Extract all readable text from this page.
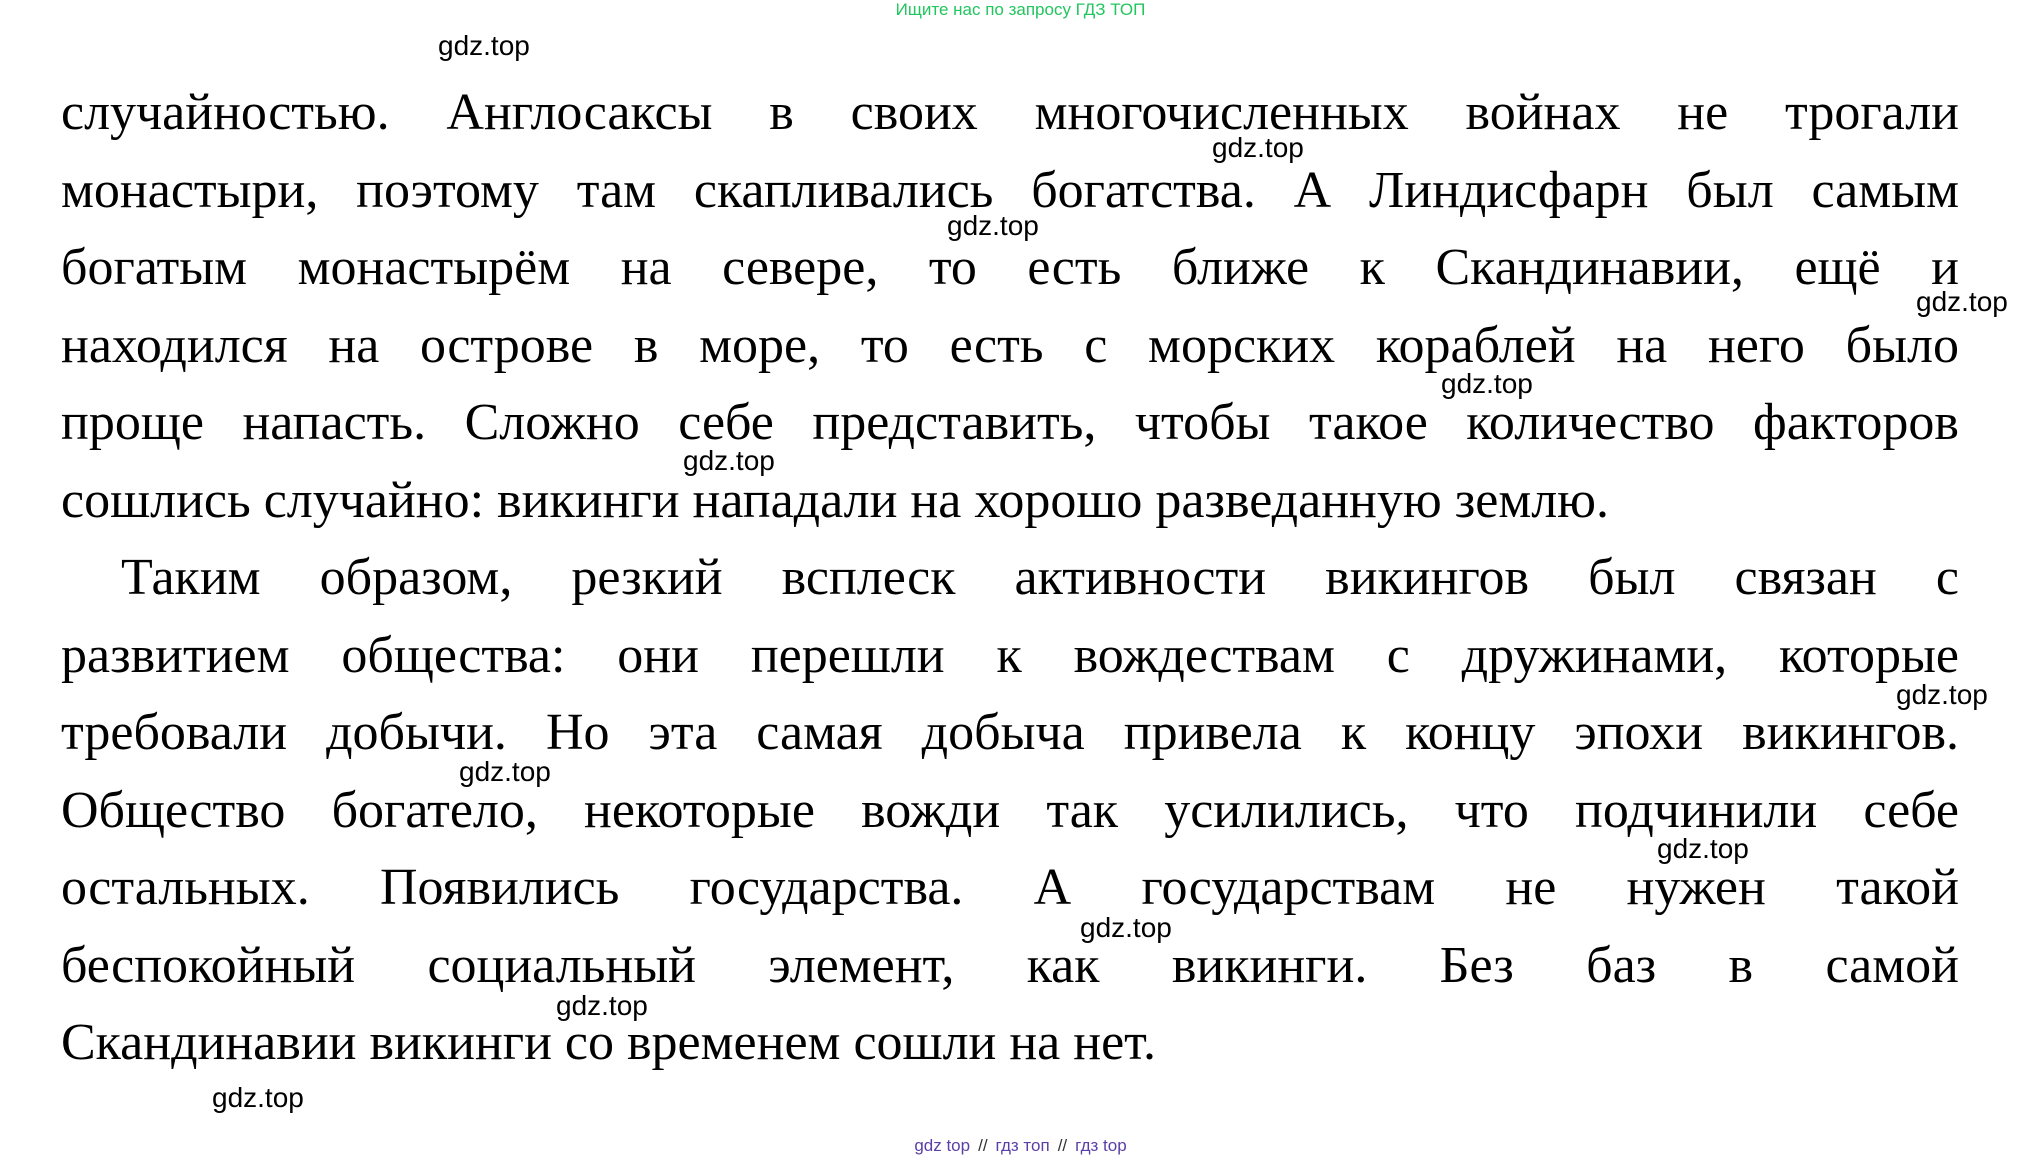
Ищите нас по запросу ГДЗ ТОП
случайностью. Англосаксы в своих многочисленных войнах не трогали
монастыри, поэтому там скапливались богатства. А Линдисфарн был самым
богатым монастырём на севере, то есть ближе к Скандинавии, ещё и
находился на острове в море, то есть с морских кораблей на него было
проще напасть. Сложно себе представить, чтобы такое количество факторов
сошлись случайно: викинги нападали на хорошо разведанную землю.
Таким образом, резкий всплеск активности викингов был связан с
развитием общества: они перешли к вождествам с дружинами, которые
требовали добычи. Но эта самая добыча привела к концу эпохи викингов.
Общество богатело, некоторые вожди так усилились, что подчинили себе
остальных. Появились государства. А государствам не нужен такой
беспокойный социальный элемент, как викинги. Без баз в самой
Скандинавии викинги со временем сошли на нет.
gdz.top
gdz.top
gdz.top
gdz.top
gdz.top
gdz.top
gdz.top
gdz.top
gdz.top
gdz.top
gdz.top
gdz.top
gdz top // гдз топ // гдз top
